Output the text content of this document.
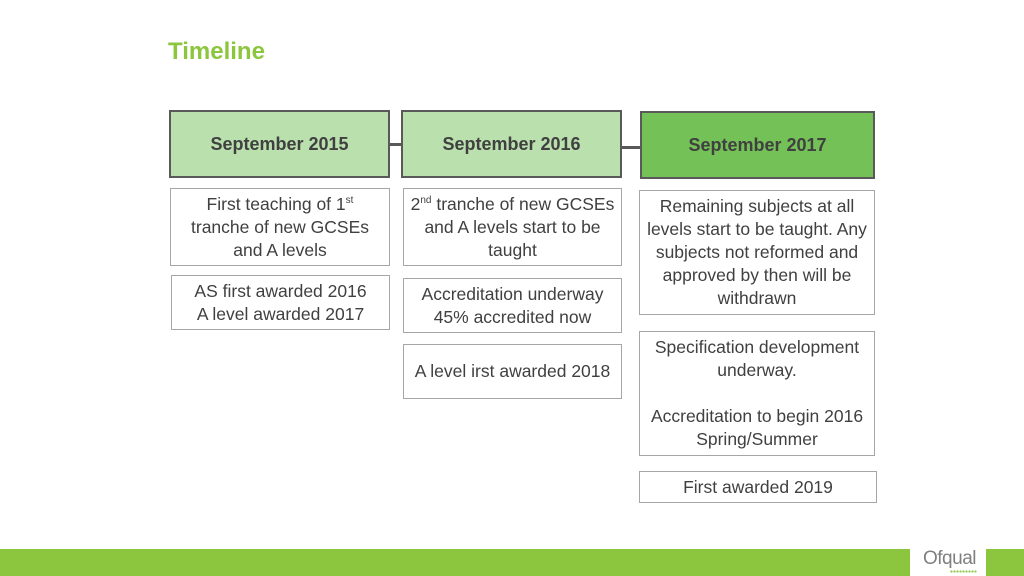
Timeline
September 2015	September 2016	September 2017
First teaching of 1st tranche of new GCSEs and A levels
AS first awarded 2016
A level awarded 2017
2nd tranche of new GCSEs and A levels start to be taught
Accreditation underway
45% accredited now
A level irst awarded 2018
Remaining subjects at all levels start to be taught. Any subjects not reformed and approved by then will be withdrawn
Specification development underway.
Accreditation to begin 2016 Spring/Summer
First awarded 2019
Ofqual
